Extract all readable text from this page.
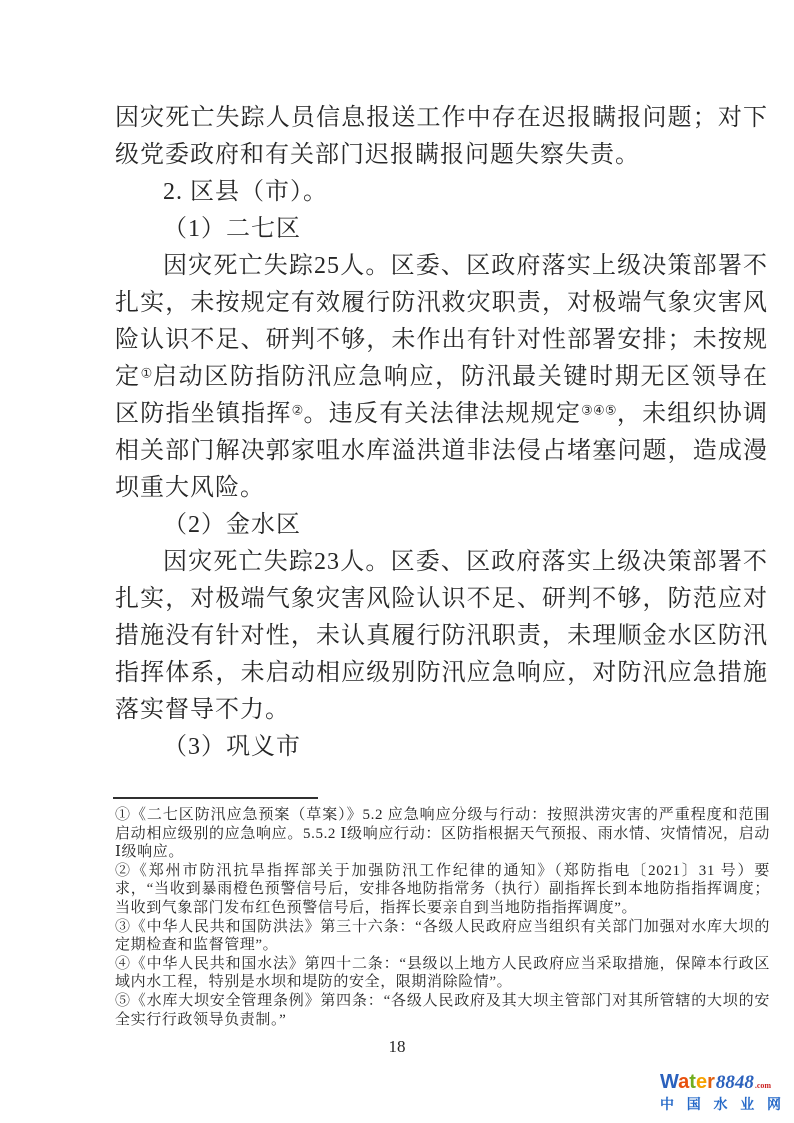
因灾死亡失踪人员信息报送工作中存在迟报瞒报问题；对下级党委政府和有关部门迟报瞒报问题失察失责。

2. 区县（市）。

（1）二七区

因灾死亡失踪25人。区委、区政府落实上级决策部署不扎实，未按规定有效履行防汛救灾职责，对极端气象灾害风险认识不足、研判不够，未作出有针对性部署安排；未按规定①启动区防指防汛应急响应，防汛最关键时期无区领导在区防指坐镇指挥②。违反有关法律法规规定③④⑤，未组织协调相关部门解决郭家咀水库溢洪道非法侵占堵塞问题，造成漫坝重大风险。

（2）金水区

因灾死亡失踪23人。区委、区政府落实上级决策部署不扎实，对极端气象灾害风险认识不足、研判不够，防范应对措施没有针对性，未认真履行防汛职责，未理顺金水区防汛指挥体系，未启动相应级别防汛应急响应，对防汛应急措施落实督导不力。

（3）巩义市

①《二七区防汛应急预案（草案）》5.2 应急响应分级与行动：按照洪涝灾害的严重程度和范围启动相应级别的应急响应。5.5.2 Ⅰ级响应行动：区防指根据天气预报、雨水情、灾情情况，启动Ⅰ级响应。

②《郑州市防汛抗旱指挥部关于加强防汛工作纪律的通知》（郑防指电〔2021〕31 号）要求，“当收到暴雨橙色预警信号后，安排各地防指常务（执行）副指挥长到本地防指指挥调度；当收到气象部门发布红色预警信号后，指挥长要亲自到当地防指指挥调度”。

③《中华人民共和国防洪法》第三十六条：“各级人民政府应当组织有关部门加强对水库大坝的定期检查和监督管理”。

④《中华人民共和国水法》第四十二条：“县级以上地方人民政府应当采取措施，保障本行政区域内水工程，特别是水坝和堤防的安全，限期消除险情”。

⑤《水库大坝安全管理条例》第四条：“各级人民政府及其大坝主管部门对其所管辖的大坝的安全实行行政领导负责制。”

18
Water 8848 .com
中 国 水 业 网
